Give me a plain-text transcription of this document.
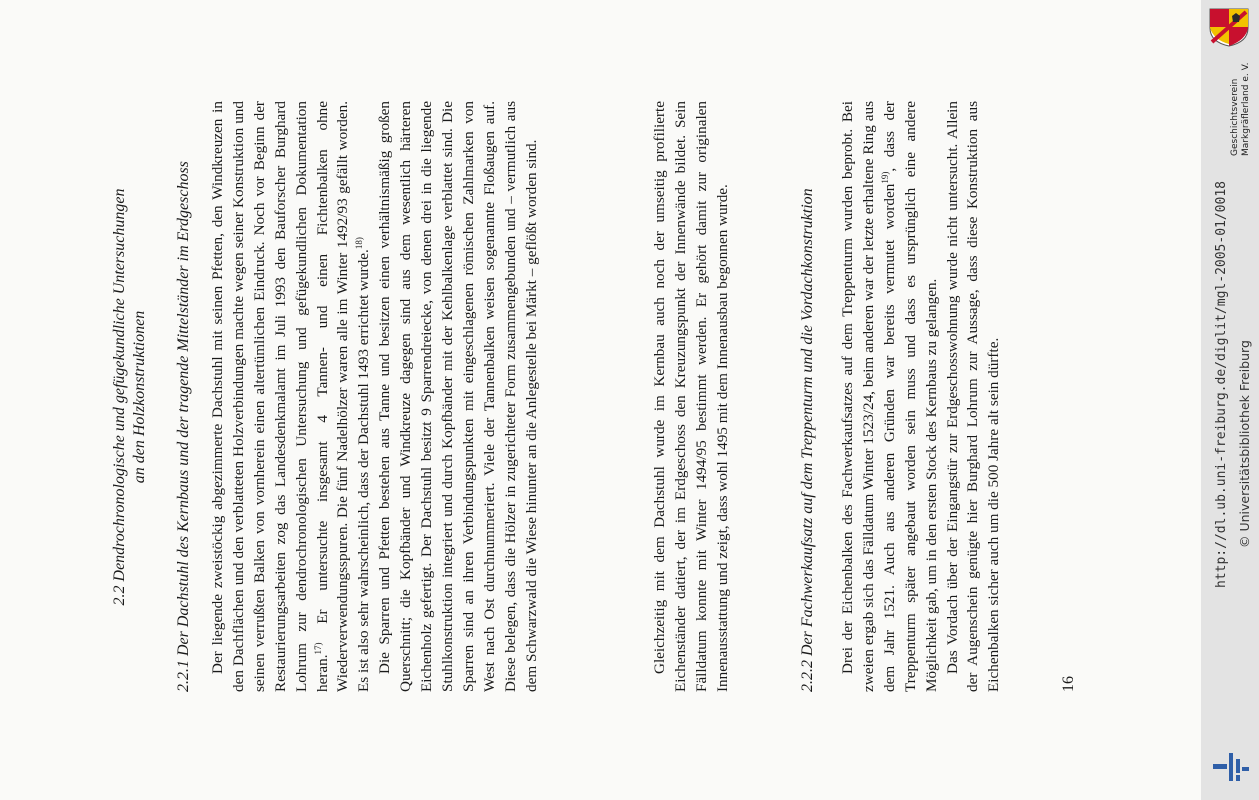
2.2 Dendrochronologische und gefügekundliche Untersuchungen an den Holzkonstruktionen 2.2.1 Der Dachstuhl des Kernbaus und der tragende Mittelständer im Erdgeschoss Der liegende zweistöckig abgezimmerte Dachstuhl mit seinen Pfetten, den Windkreuzen in den Dachflächen und den verblatteten Holzverbindungen machte wegen seiner Konstruktion und seinen verrußten Balken von vornherein einen altertümlichen Eindruck. Noch vor Beginn der Restaurierungsarbeiten zog das Landesdenkmalamt im Juli 1993 den Bauforscher Burghard Lohrum zur dendrochronologischen Untersuchung und gefügekundlichen Dokumentation heran.$^{17)}$ Er untersuchte insgesamt 4 Tannen- und einen Fichtenbalken ohne Wiederverwendungsspuren. Die fünf Nadelhölzer waren alle im Winter 1492/93 gefällt worden. Es ist also sehr wahrscheinlich, dass der Dachstuhl 1493 errichtet wurde.$^{18)}$ Die Sparren und Pfetten bestehen aus Tanne und besitzen einen verhältnismäßig großen Querschnitt; die Kopfbänder und Windkreuze dagegen sind aus dem wesentlich härteren Eichenholz gefertigt. Der Dachstuhl besitzt 9 Sparrendreiecke, von denen drei in die liegende Stuhlkonstruktion integriert und durch Kopfbänder mit der Kehlbalkenlage verblattet sind. Die Sparren sind an ihren Verbindungspunkten mit eingeschlagenen römischen Zahlmarken von West nach Ost durchnummeriert. Viele der Tannenbalken weisen sogenannte Floßaugen auf. Diese belegen, dass die Hölzer in zugerichteter Form zusammengebunden und – vermutlich aus dem Schwarzwald die Wiese hinunter an die Anlegestelle bei Märkt – geflößt worden sind.	Gleichzeitig mit dem Dachstuhl wurde im Kernbau auch noch der umseitig profilierte Eichenständer datiert, der im Erdgeschoss den Kreuzungspunkt der Innenwände bildet. Sein Fälldatum konnte mit Winter 1494/95 bestimmt werden. Er gehört damit zur originalen Innenausstattung und zeigt, dass wohl 1495 mit dem Innenausbau begonnen wurde.	2.2.2 Der Fachwerkaufsatz auf dem Treppenturm und die Vordachkonstruktion Drei der Eichenbalken des Fachwerkaufsatzes auf dem Treppenturm wurden beprobt. Bei zweien ergab sich das Fälldatum Winter 1523/24, beim anderen war der letzte erhaltene Ring aus dem Jahr 1521. Auch aus anderen Gründen war bereits vermutet worden$^{19)}$, dass der Treppenturm später angebaut worden sein muss und dass es ursprünglich eine andere Möglichkeit gab, um in den ersten Stock des Kernbaus zu gelangen. Das Vordach über der Eingangstür zur Erdgeschosswohnung wurde nicht untersucht. Allein der Augenschein genügte hier Burghard Lohrum zur Aussage, dass diese Konstruktion aus Eichenbalken sicher auch um die 500 Jahre alt sein dürfte.	16
Geschichtsverein Markgräflerland e. V.
http://dl.ub.uni-freiburg.de/diglit/mgl-2005-01/0018 © Universitätsbibliothek Freiburg
